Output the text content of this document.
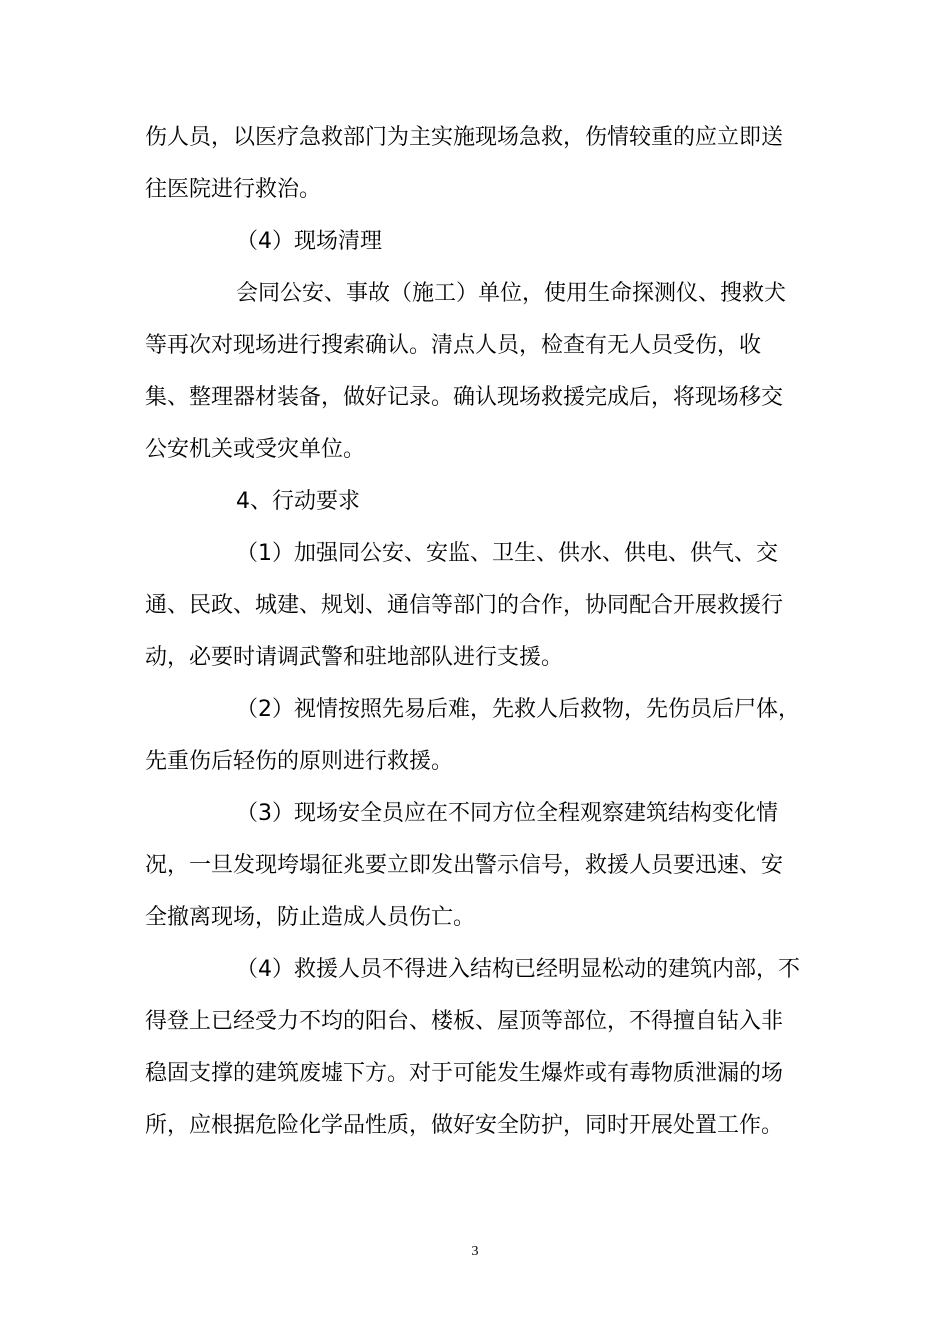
伤人员，以医疗急救部门为主实施现场急救，伤情较重的应立即送
往医院进行救治。
（4）现场清理
会同公安、事故（施工）单位，使用生命探测仪、搜救犬
等再次对现场进行搜索确认。清点人员，检查有无人员受伤，收
集、整理器材装备，做好记录。确认现场救援完成后，将现场移交
公安机关或受灾单位。
4、行动要求
（1）加强同公安、安监、卫生、供水、供电、供气、交
通、民政、城建、规划、通信等部门的合作，协同配合开展救援行
动，必要时请调武警和驻地部队进行支援。
（2）视情按照先易后难，先救人后救物，先伤员后尸体，
先重伤后轻伤的原则进行救援。
（3）现场安全员应在不同方位全程观察建筑结构变化情
况，一旦发现垮塌征兆要立即发出警示信号，救援人员要迅速、安
全撤离现场，防止造成人员伤亡。
（4）救援人员不得进入结构已经明显松动的建筑内部，不
得登上已经受力不均的阳台、楼板、屋顶等部位，不得擅自钻入非
稳固支撑的建筑废墟下方。对于可能发生爆炸或有毒物质泄漏的场
所，应根据危险化学品性质，做好安全防护，同时开展处置工作。
3
